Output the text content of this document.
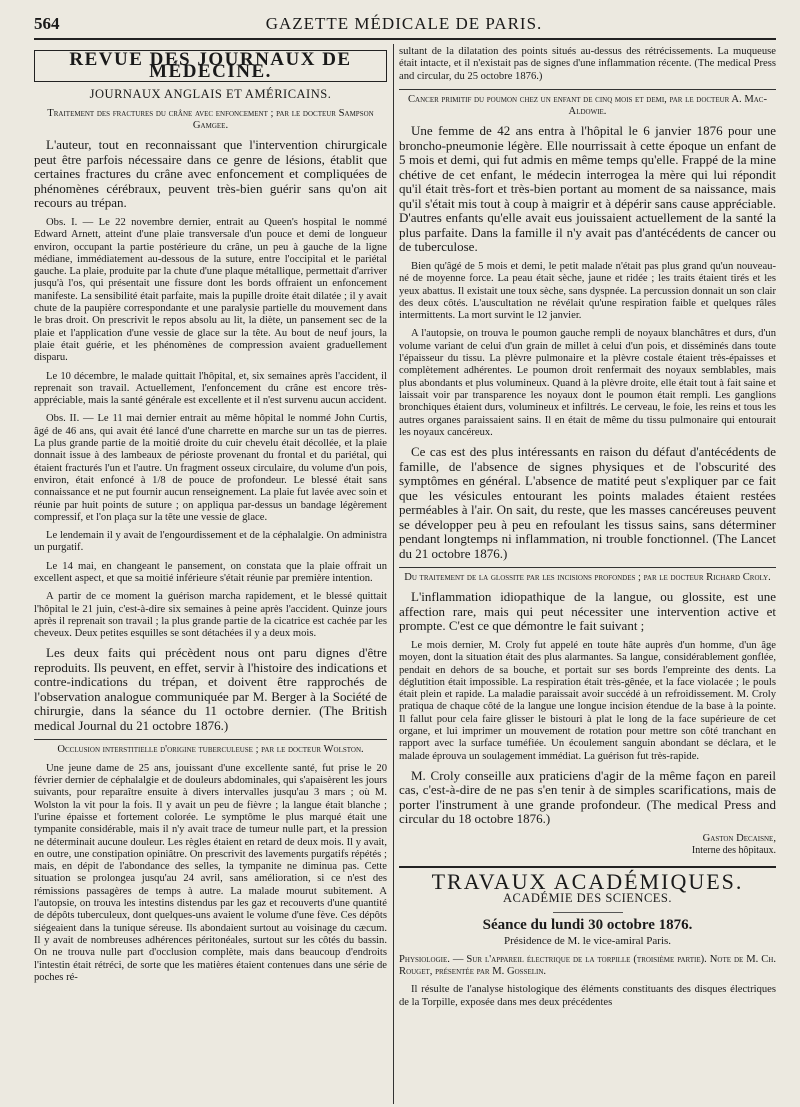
564	GAZETTE MÉDICALE DE PARIS.
REVUE DES JOURNAUX DE MÉDECINE.
JOURNAUX ANGLAIS ET AMÉRICAINS.
Traitement des fractures du crâne avec enfoncement ; par le docteur Sampson Gamgee.

L'auteur, tout en reconnaissant que l'intervention chirurgicale peut être parfois nécessaire dans ce genre de lésions, établit que certaines fractures du crâne avec enfoncement et compliquées de phénomènes cérébraux, peuvent très-bien guérir sans qu'on ait recours au trépan.

Obs. I. — Le 22 novembre dernier, entrait au Queen's hospital le nommé Edward Arnett, atteint d'une plaie transversale d'un pouce et demi de longueur environ, occupant la partie postérieure du crâne, un peu à gauche de la ligne médiane, immédiatement au-dessous de la suture, entre l'occipital et le pariétal gauche. La plaie, produite par la chute d'une plaque métallique, permettait d'arriver jusqu'à l'os, qui présentait une fissure dont les bords offraient un enfoncement manifeste. La sensibilité était parfaite, mais la pupille droite était dilatée ; il y avait chute de la paupière correspondante et une paralysie partielle du mouvement dans le bras droit. On prescrivit le repos absolu au lit, la diète, un pansement sec de la plaie et l'application d'une vessie de glace sur la tête. Au bout de neuf jours, la plaie était guérie, et les phénomènes de compression avaient graduellement disparu.

Le 10 décembre, le malade quittait l'hôpital, et, six semaines après l'accident, il reprenait son travail. Actuellement, l'enfoncement du crâne est encore très-appréciable, mais la santé générale est excellente et il n'est survenu aucun accident.

Obs. II. — Le 11 mai dernier entrait au même hôpital le nommé John Curtis, âgé de 46 ans, qui avait été lancé d'une charrette en marche sur un tas de pierres. La plus grande partie de la moitié droite du cuir chevelu était décollée, et la plaie donnait issue à des lambeaux de périoste provenant du frontal et du pariétal, qui étaient fracturés l'un et l'autre. Un fragment osseux circulaire, du volume d'un pois, environ, était enfoncé à 1/8 de pouce de profondeur. Le blessé était sans connaissance et ne put fournir aucun renseignement. La plaie fut lavée avec soin et réunie par huit points de suture ; on appliqua par-dessus un bandage légèrement compressif, et l'on plaça sur la tête une vessie de glace.

Le lendemain il y avait de l'engourdissement et de la céphalalgie. On administra un purgatif.

Le 14 mai, en changeant le pansement, on constata que la plaie offrait un excellent aspect, et que sa moitié inférieure s'était réunie par première intention.

A partir de ce moment la guérison marcha rapidement, et le blessé quittait l'hôpital le 21 juin, c'est-à-dire six semaines à peine après l'accident. Quinze jours après il reprenait son travail ; la plus grande partie de la cicatrice est cachée par les cheveux. Deux petites esquilles se sont détachées il y a deux mois.

Les deux faits qui précèdent nous ont paru dignes d'être reproduits. Ils peuvent, en effet, servir à l'histoire des indications et contre-indications du trépan, et doivent être rapprochés de l'observation analogue communiquée par M. Berger à la Société de chirurgie, dans la séance du 11 octobre dernier. (The British medical Journal du 21 octobre 1876.)

Occlusion interstitielle d'origine tuberculeuse ; par le docteur Wolston.

Une jeune dame de 25 ans, jouissant d'une excellente santé, fut prise le 20 février dernier de céphalalgie et de douleurs abdominales, qui s'apaisèrent les jours suivants, pour reparaître ensuite à divers intervalles jusqu'au 3 mars ; où M. Wolston la vit pour la fois. Il y avait un peu de fièvre ; la langue était blanche ; l'urine épaisse et fortement colorée. Le symptôme le plus marqué était une tympanite considérable, mais il n'y avait trace de tumeur nulle part, et la pression ne déterminait aucune douleur. Les règles étaient en retard de deux mois. Il y avait, en outre, une constipation opiniâtre. On prescrivit des lavements purgatifs répétés ; mais, en dépit de l'abondance des selles, la tympanite ne diminua pas. Cette situation se prolongea jusqu'au 24 avril, sans amélioration, si ce n'est des rémissions passagères de temps à autre. La malade mourut subitement. A l'autopsie, on trouva les intestins distendus par les gaz et recouverts d'une quantité de dépôts tuberculeux, dont quelques-uns avaient le volume d'une fève. Ces dépôts siégeaient dans la tunique séreuse. Ils abondaient surtout au voisinage du cæcum. Il y avait de nombreuses adhérences péritonéales, surtout sur les côtés du bassin. On ne trouva nulle part d'occlusion complète, mais dans beaucoup d'endroits l'intestin était rétréci, de sorte que les matières étaient contenues dans une série de poches ré-

sultant de la dilatation des points situés au-dessus des rétrécissements. La muqueuse était intacte, et il n'existait pas de signes d'une inflammation récente. (The medical Press and circular, du 25 octobre 1876.)

Cancer primitif du poumon chez un enfant de cinq mois et demi, par le docteur A. Mac-Aldowie.

Une femme de 42 ans entra à l'hôpital le 6 janvier 1876 pour une broncho-pneumonie légère. Elle nourrissait à cette époque un enfant de 5 mois et demi, qui fut admis en même temps qu'elle. Frappé de la mine chétive de cet enfant, le médecin interrogea la mère qui lui répondit qu'il était très-fort et très-bien portant au moment de sa naissance, mais qu'il s'était mis tout à coup à maigrir et à dépérir sans cause appréciable. D'autres enfants qu'elle avait eus jouissaient actuellement de la santé la plus parfaite. Dans la famille il n'y avait pas d'antécédents de cancer ou de tuberculose.

Bien qu'âgé de 5 mois et demi, le petit malade n'était pas plus grand qu'un nouveau-né de moyenne force. La peau était sèche, jaune et ridée ; les traits étaient tirés et les yeux abattus. Il existait une toux sèche, sans dyspnée. La percussion donnait un son clair des deux côtés. L'auscultation ne révélait qu'une respiration faible et quelques râles intermittents. La mort survint le 12 janvier.

A l'autopsie, on trouva le poumon gauche rempli de noyaux blanchâtres et durs, d'un volume variant de celui d'un grain de millet à celui d'un pois, et disséminés dans toute l'épaisseur du tissu. La plèvre pulmonaire et la plèvre costale étaient très-épaisses et complètement adhérentes. Le poumon droit renfermait des noyaux semblables, mais plus abondants et plus volumineux. Quand à la plèvre droite, elle était tout à fait saine et laissait voir par transparence les noyaux dont le poumon était rempli. Les ganglions bronchiques étaient durs, volumineux et infiltrés. Le cerveau, le foie, les reins et tous les autres organes paraissaient sains. Il en était de même du tissu pulmonaire qui entourait les noyaux cancéreux.

Ce cas est des plus intéressants en raison du défaut d'antécédents de famille, de l'absence de signes physiques et de l'obscurité des symptômes en général. L'absence de matité peut s'expliquer par ce fait que les vésicules entourant les points malades étaient restées perméables à l'air. On sait, du reste, que les masses cancéreuses peuvent se développer peu à peu en refoulant les tissus sains, sans déterminer pendant longtemps ni inflammation, ni trouble fonctionnel. (The Lancet du 21 octobre 1876.)

Du traitement de la glossite par les incisions profondes ; par le docteur Richard Croly.

L'inflammation idiopathique de la langue, ou glossite, est une affection rare, mais qui peut nécessiter une intervention active et prompte. C'est ce que démontre le fait suivant ;

Le mois dernier, M. Croly fut appelé en toute hâte auprès d'un homme, d'un âge moyen, dont la situation était des plus alarmantes. Sa langue, considérablement gonflée, pendait en dehors de sa bouche, et portait sur ses bords l'empreinte des dents. La déglutition était impossible. La respiration était très-gênée, et la face violacée ; le pouls était plein et rapide. La maladie paraissait avoir succédé à un refroidissement. M. Croly pratiqua de chaque côté de la langue une longue incision étendue de la base à la pointe. Il fallut pour cela faire glisser le bistouri à plat le long de la face supérieure de cet organe, et lui imprimer un mouvement de rotation pour mettre son côté tranchant en rapport avec la surface tuméfiée. Un écoulement sanguin abondant se déclara, et le malade éprouva un soulagement immédiat. La guérison fut très-rapide.

M. Croly conseille aux praticiens d'agir de la même façon en pareil cas, c'est-à-dire de ne pas s'en tenir à de simples scarifications, mais de porter l'instrument à une grande profondeur. (The medical Press and circular du 18 octobre 1876.)

Gaston Decaisne,
Interne des hôpitaux.
TRAVAUX ACADÉMIQUES.
ACADÉMIE DES SCIENCES.
Séance du lundi 30 octobre 1876.
Présidence de M. le vice-amiral Paris.

Physiologie. — Sur l'appareil électrique de la torpille (troisième partie). Note de M. Ch. Rouget, présentée par M. Gosselin.

Il résulte de l'analyse histologique des éléments constituants des disques électriques de la Torpille, exposée dans mes deux précédentes
